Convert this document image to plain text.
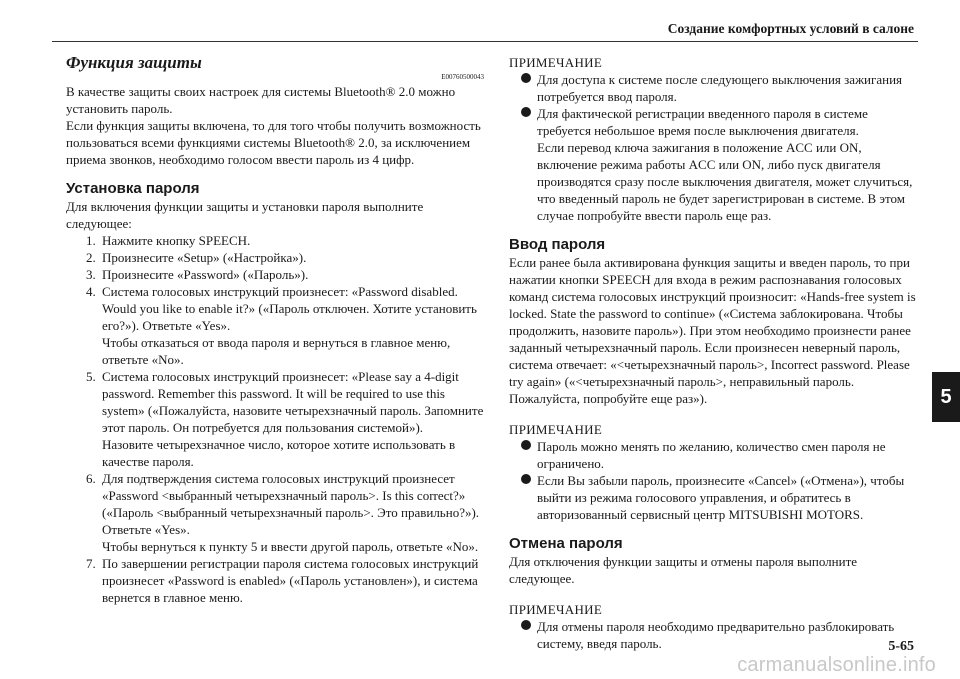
Создание комфортных условий в салоне
Функция защиты
E00760500043

В качестве защиты своих настроек для системы Bluetooth® 2.0 можно установить пароль.
Если функция защиты включена, то для того чтобы получить возможность пользоваться всеми функциями системы Bluetooth® 2.0, за исключением приема звонков, необходимо голосом ввести пароль из 4 цифр.

Установка пароля

Для включения функции защиты и установки пароля выполните следующее:

1. Нажмите кнопку SPEECH.
2. Произнесите «Setup» («Настройка»).
3. Произнесите «Password» («Пароль»).
4. Система голосовых инструкций произнесет: «Password disabled. Would you like to enable it?» («Пароль отключен. Хотите установить его?»). Ответьте «Yes».
Чтобы отказаться от ввода пароля и вернуться в главное меню, ответьте «No».
5. Система голосовых инструкций произнесет: «Please say a 4-digit password. Remember this password. It will be required to use this system» («Пожалуйста, назовите четырехзначный пароль. Запомните этот пароль. Он потребуется для пользования системой»).
Назовите четырехзначное число, которое хотите использовать в качестве пароля.
6. Для подтверждения система голосовых инструкций произнесет «Password <выбранный четырехзначный пароль>. Is this correct?» («Пароль <выбранный четырехзначный пароль>. Это правильно?»). Ответьте «Yes».
Чтобы вернуться к пункту 5 и ввести другой пароль, ответьте «No».
7. По завершении регистрации пароля система голосовых инструкций произнесет «Password is enabled» («Пароль установлен»), и система вернется в главное меню.

ПРИМЕЧАНИЕ

Для доступа к системе после следующего выключения зажигания потребуется ввод пароля.
Для фактической регистрации введенного пароля в системе требуется небольшое время после выключения двигателя.
Если перевод ключа зажигания в положение ACC или ON, включение режима работы ACC или ON, либо пуск двигателя производятся сразу после выключения двигателя, может случиться, что введенный пароль не будет зарегистрирован в системе. В этом случае попробуйте ввести пароль еще раз.
Ввод пароля

Если ранее была активирована функция защиты и введен пароль, то при нажатии кнопки SPEECH для входа в режим распознавания голосовых команд система голосовых инструкций произносит: «Hands-free system is locked. State the password to continue» («Система заблокирована. Чтобы продолжить, назовите пароль»). При этом необходимо произнести ранее заданный четырехзначный пароль. Если произнесен неверный пароль, система отвечает: «<четырехзначный пароль>, Incorrect password. Please try again» («<четырехзначный пароль>, неправильный пароль. Пожалуйста, попробуйте еще раз»).

ПРИМЕЧАНИЕ

Пароль можно менять по желанию, количество смен пароля не ограничено.
Если Вы забыли пароль, произнесите «Cancel» («Отмена»), чтобы выйти из режима голосового управления, и обратитесь в авторизованный сервисный центр MITSUBISHI MOTORS.
Отмена пароля

Для отключения функции защиты и отмены пароля выполните следующее.

ПРИМЕЧАНИЕ

Для отмены пароля необходимо предварительно разблокировать систему, введя пароль.
5
5-65
carmanualsonline.info
